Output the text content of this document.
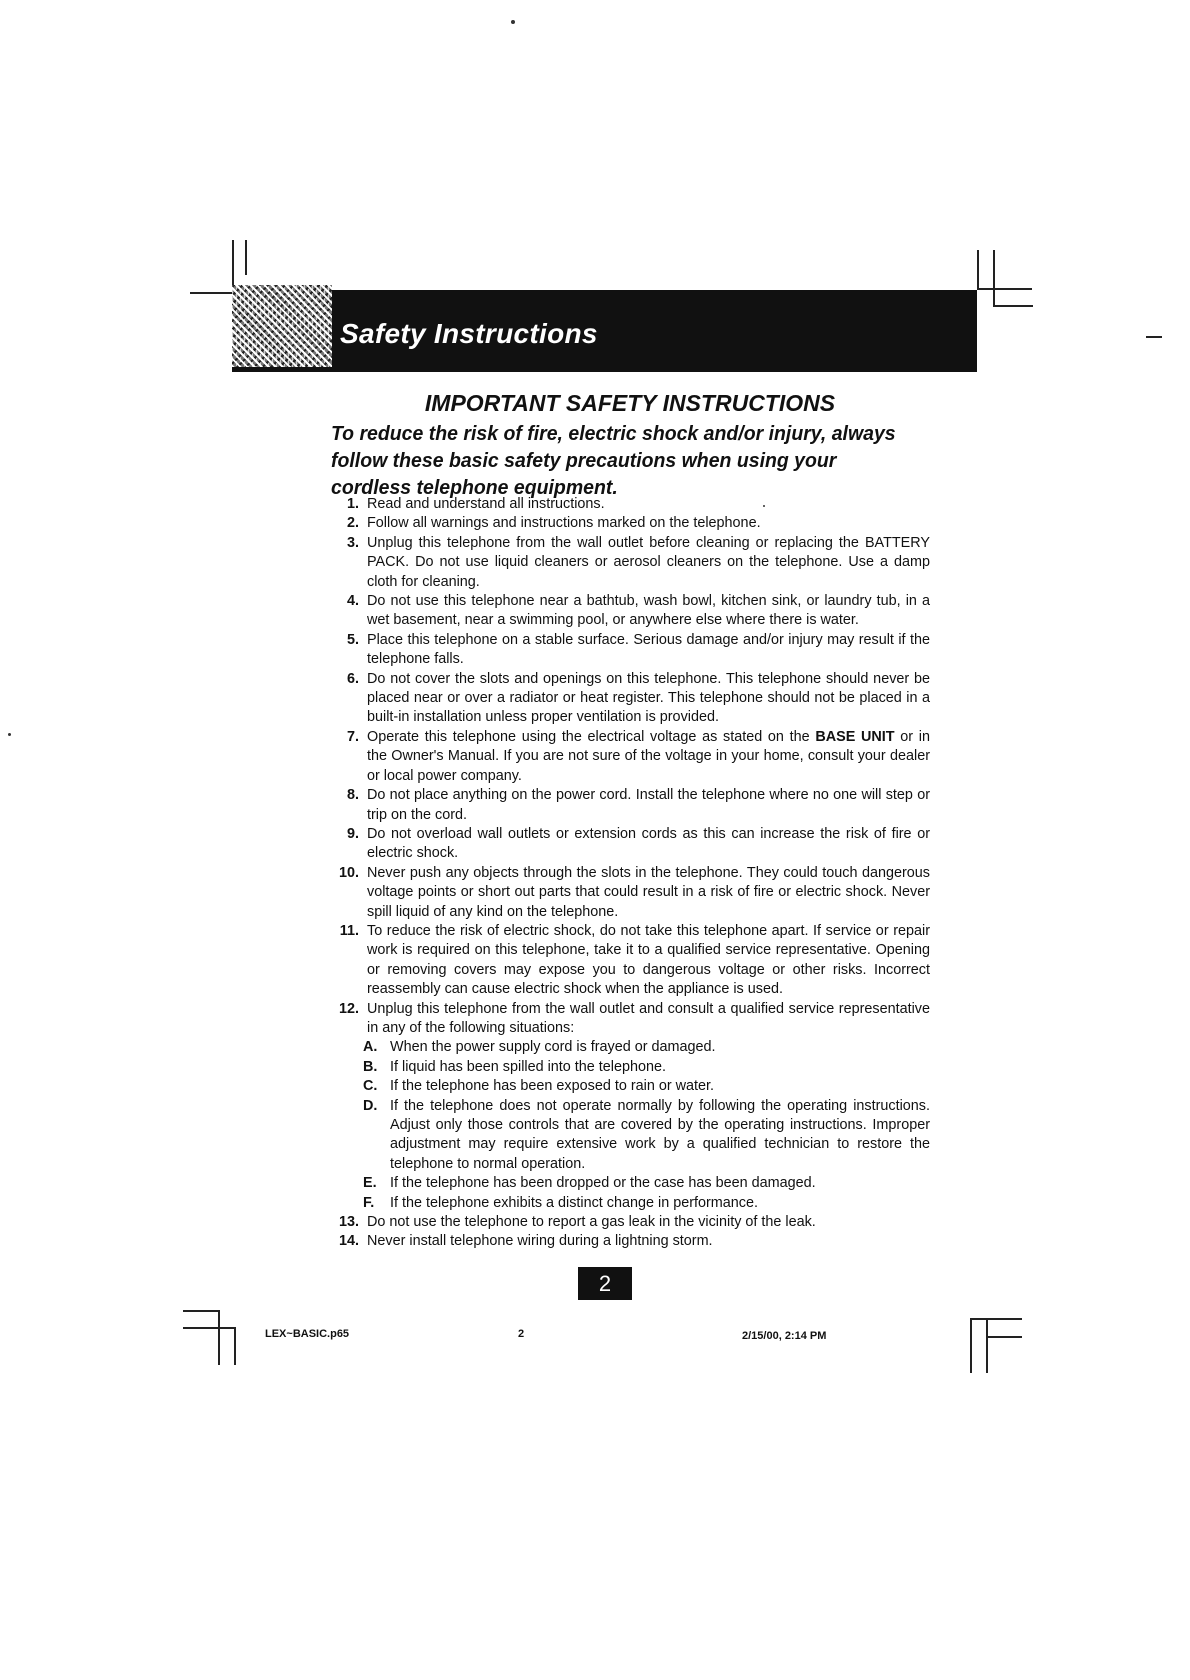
Safety Instructions
IMPORTANT SAFETY INSTRUCTIONS
To reduce the risk of fire, electric shock and/or injury, always follow these basic safety precautions when using your cordless telephone equipment.
1. Read and understand all instructions.
2. Follow all warnings and instructions marked on the telephone.
3. Unplug this telephone from the wall outlet before cleaning or replacing the BATTERY PACK. Do not use liquid cleaners or aerosol cleaners on the telephone. Use a damp cloth for cleaning.
4. Do not use this telephone near a bathtub, wash bowl, kitchen sink, or laundry tub, in a wet basement, near a swimming pool, or anywhere else where there is water.
5. Place this telephone on a stable surface. Serious damage and/or injury may result if the telephone falls.
6. Do not cover the slots and openings on this telephone. This telephone should never be placed near or over a radiator or heat register. This telephone should not be placed in a built-in installation unless proper ventilation is provided.
7. Operate this telephone using the electrical voltage as stated on the BASE UNIT or in the Owner's Manual. If you are not sure of the voltage in your home, consult your dealer or local power company.
8. Do not place anything on the power cord. Install the telephone where no one will step or trip on the cord.
9. Do not overload wall outlets or extension cords as this can increase the risk of fire or electric shock.
10. Never push any objects through the slots in the telephone. They could touch dangerous voltage points or short out parts that could result in a risk of fire or electric shock. Never spill liquid of any kind on the telephone.
11. To reduce the risk of electric shock, do not take this telephone apart. If service or repair work is required on this telephone, take it to a qualified service representative. Opening or removing covers may expose you to dangerous voltage or other risks. Incorrect reassembly can cause electric shock when the appliance is used.
12. Unplug this telephone from the wall outlet and consult a qualified service representative in any of the following situations:
A. When the power supply cord is frayed or damaged.
B. If liquid has been spilled into the telephone.
C. If the telephone has been exposed to rain or water.
D. If the telephone does not operate normally by following the operating instructions. Adjust only those controls that are covered by the operating instructions. Improper adjustment may require extensive work by a qualified technician to restore the telephone to normal operation.
E. If the telephone has been dropped or the case has been damaged.
F.	If the telephone exhibits a distinct change in performance.
13. Do not use the telephone to report a gas leak in the vicinity of the leak.
14. Never install telephone wiring during a lightning storm.
2
LEX~BASIC.p65	2	2/15/00, 2:14 PM
